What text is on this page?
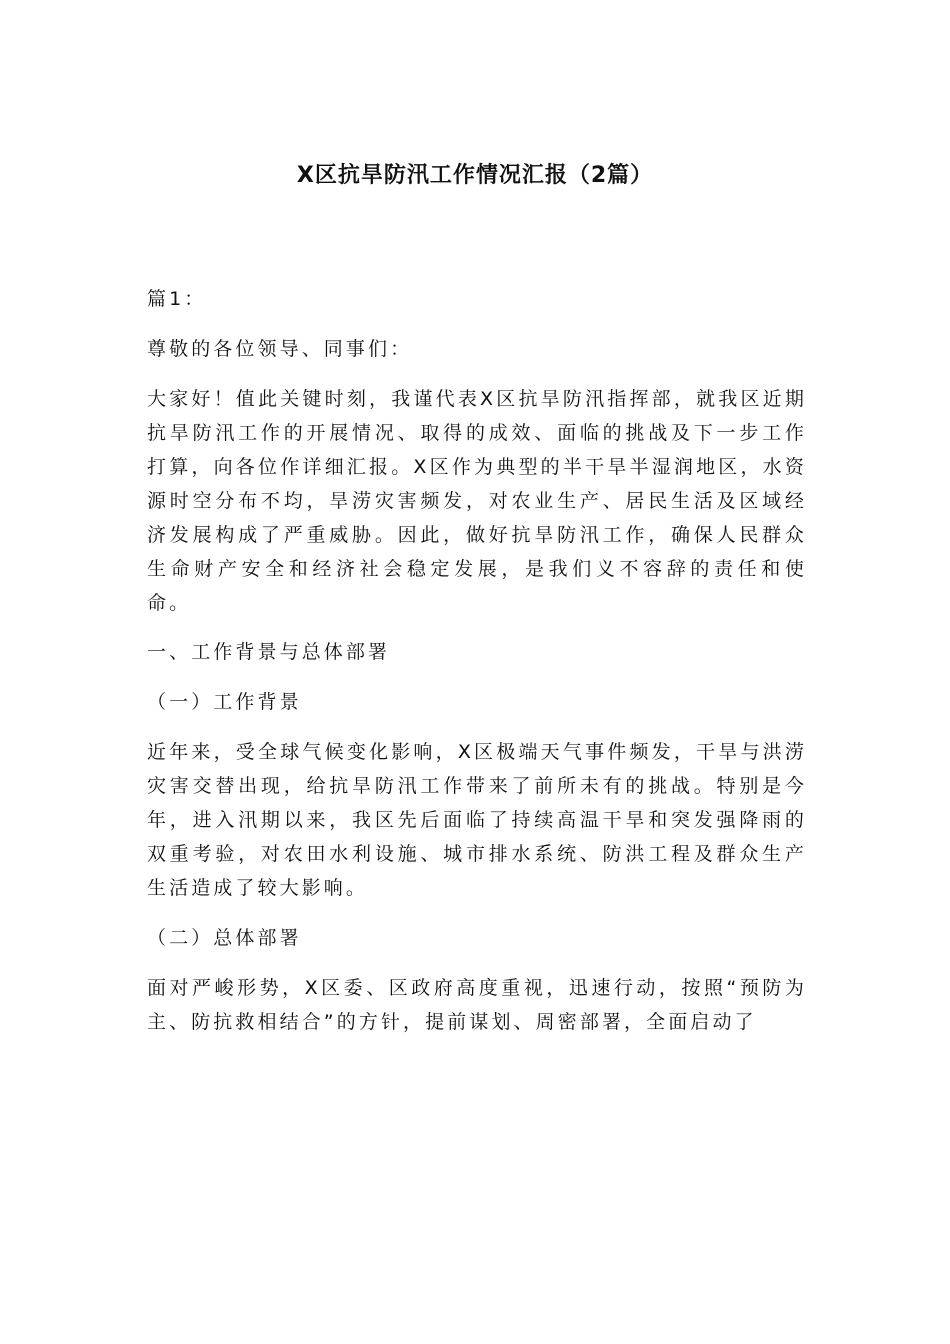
X区抗旱防汛工作情况汇报（2篇）

篇1：

尊敬的各位领导、同事们：

大家好！值此关键时刻，我谨代表X区抗旱防汛指挥部，就我区近期抗旱防汛工作的开展情况、取得的成效、面临的挑战及下一步工作打算，向各位作详细汇报。X区作为典型的半干旱半湿润地区，水资源时空分布不均，旱涝灾害频发，对农业生产、居民生活及区域经济发展构成了严重威胁。因此，做好抗旱防汛工作，确保人民群众生命财产安全和经济社会稳定发展，是我们义不容辞的责任和使命。

一、工作背景与总体部署

（一）工作背景

近年来，受全球气候变化影响，X区极端天气事件频发，干旱与洪涝灾害交替出现，给抗旱防汛工作带来了前所未有的挑战。特别是今年，进入汛期以来，我区先后面临了持续高温干旱和突发强降雨的双重考验，对农田水利设施、城市排水系统、防洪工程及群众生产生活造成了较大影响。

（二）总体部署

面对严峻形势，X区委、区政府高度重视，迅速行动，按照“预防为主、防抗救相结合”的方针，提前谋划、周密部署，全面启动了
